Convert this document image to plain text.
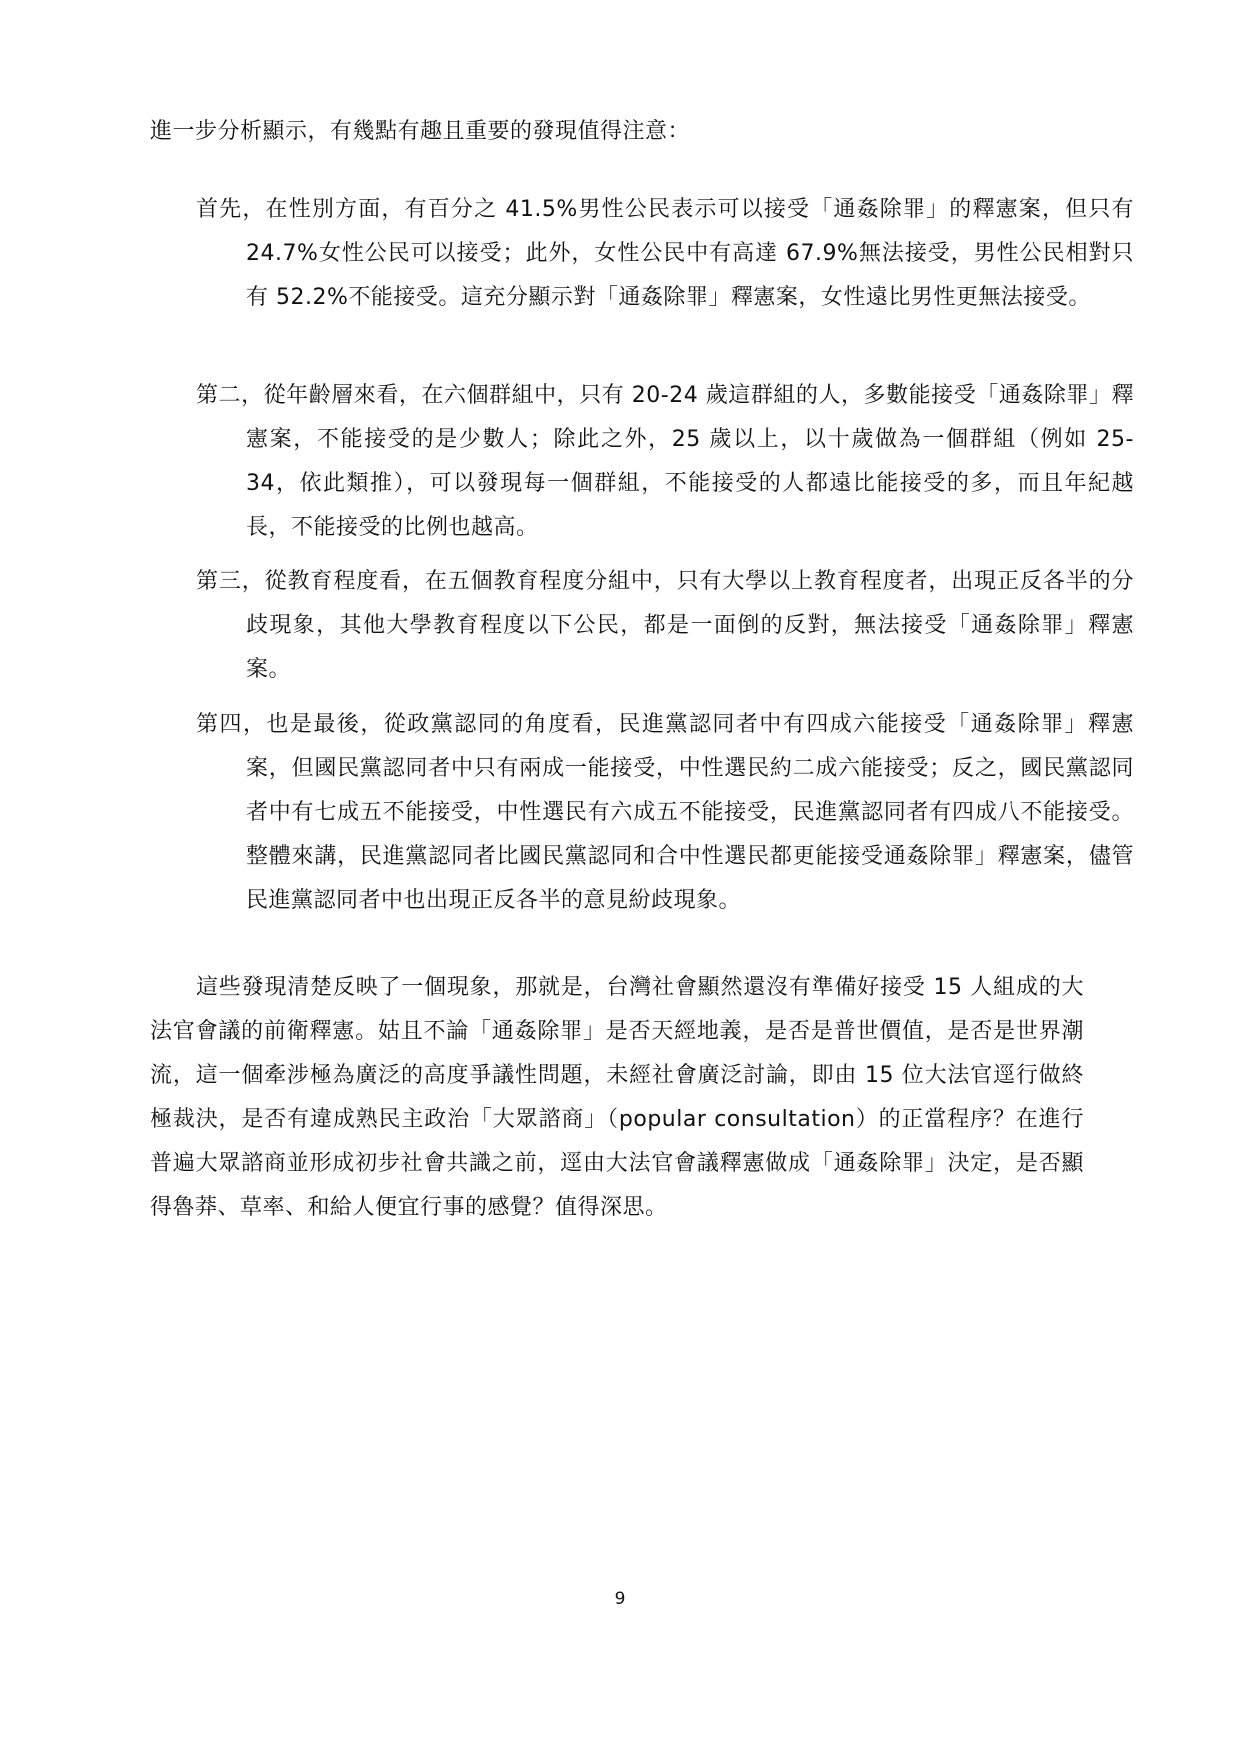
進一步分析顯示，有幾點有趣且重要的發現值得注意：

首先，在性別方面，有百分之 41.5%男性公民表示可以接受「通姦除罪」的釋憲案，但只有 24.7%女性公民可以接受；此外，女性公民中有高達 67.9%無法接受，男性公民相對只有 52.2%不能接受。這充分顯示對「通姦除罪」釋憲案，女性遠比男性更無法接受。

第二，從年齡層來看，在六個群組中，只有 20-24 歲這群組的人，多數能接受「通姦除罪」釋憲案，不能接受的是少數人；除此之外，25 歲以上，以十歲做為一個群組（例如 25-34，依此類推），可以發現每一個群組，不能接受的人都遠比能接受的多，而且年紀越長，不能接受的比例也越高。

第三，從教育程度看，在五個教育程度分組中，只有大學以上教育程度者，出現正反各半的分歧現象，其他大學教育程度以下公民，都是一面倒的反對，無法接受「通姦除罪」釋憲案。

第四，也是最後，從政黨認同的角度看，民進黨認同者中有四成六能接受「通姦除罪」釋憲案，但國民黨認同者中只有兩成一能接受，中性選民約二成六能接受；反之，國民黨認同者中有七成五不能接受，中性選民有六成五不能接受，民進黨認同者有四成八不能接受。整體來講，民進黨認同者比國民黨認同和合中性選民都更能接受通姦除罪」釋憲案，儘管民進黨認同者中也出現正反各半的意見紛歧現象。

這些發現清楚反映了一個現象，那就是，台灣社會顯然還沒有準備好接受 15 人組成的大法官會議的前衛釋憲。姑且不論「通姦除罪」是否天經地義，是否是普世價值，是否是世界潮流，這一個牽涉極為廣泛的高度爭議性問題，未經社會廣泛討論，即由 15 位大法官逕行做終極裁決，是否有違成熟民主政治「大眾諮商」（popular consultation）的正當程序？在進行普遍大眾諮商並形成初步社會共識之前，逕由大法官會議釋憲做成「通姦除罪」決定，是否顯得魯莽、草率、和給人便宜行事的感覺？值得深思。

9
